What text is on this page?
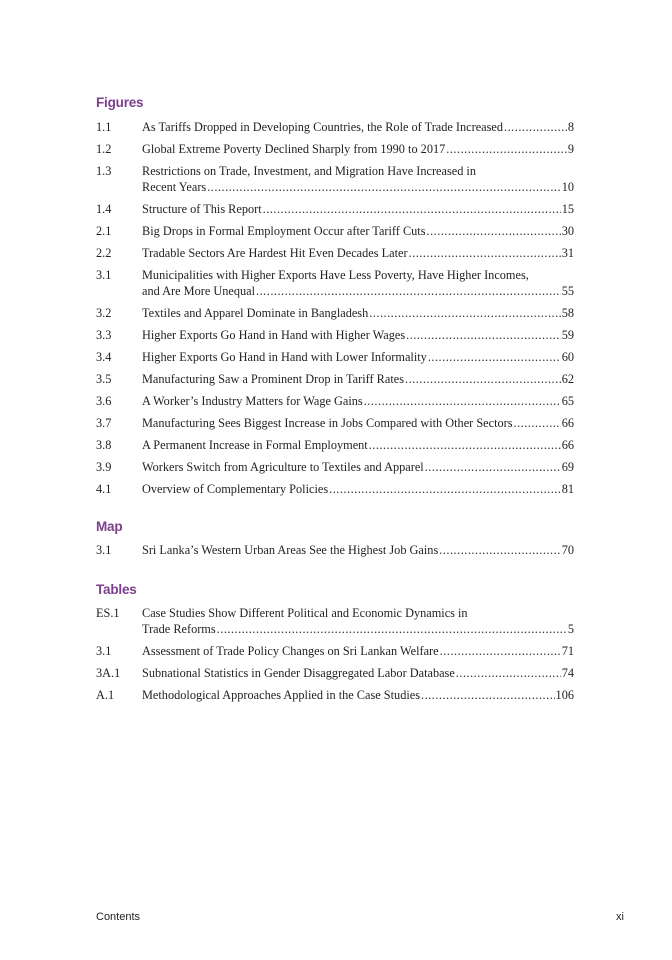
Figures
1.1 As Tariffs Dropped in Developing Countries, the Role of Trade Increased .....	8
1.2 Global Extreme Poverty Declined Sharply from 1990 to 2017 .....	9
1.3 Restrictions on Trade, Investment, and Migration Have Increased in
Recent Years .....	10
1.4 Structure of This Report .....	15
2.1 Big Drops in Formal Employment Occur after Tariff Cuts .....	30
2.2 Tradable Sectors Are Hardest Hit Even Decades Later .....	31
3.1 Municipalities with Higher Exports Have Less Poverty, Have Higher Incomes,
and Are More Unequal .....	55
3.2 Textiles and Apparel Dominate in Bangladesh .....	58
3.3 Higher Exports Go Hand in Hand with Higher Wages .....	59
3.4 Higher Exports Go Hand in Hand with Lower Informality .....	60
3.5 Manufacturing Saw a Prominent Drop in Tariff Rates .....	62
3.6 A Worker’s Industry Matters for Wage Gains .....	65
3.7 Manufacturing Sees Biggest Increase in Jobs Compared with Other Sectors .....	66
3.8 A Permanent Increase in Formal Employment .....	66
3.9 Workers Switch from Agriculture to Textiles and Apparel .....	69
4.1 Overview of Complementary Policies .....	81
Map
3.1 Sri Lanka’s Western Urban Areas See the Highest Job Gains .....	70
Tables
ES.1 Case Studies Show Different Political and Economic Dynamics in
Trade Reforms .....	5
3.1 Assessment of Trade Policy Changes on Sri Lankan Welfare .....	71
3A.1 Subnational Statistics in Gender Disaggregated Labor Database .....	74
A.1 Methodological Approaches Applied in the Case Studies .....	106
Contents	xi
